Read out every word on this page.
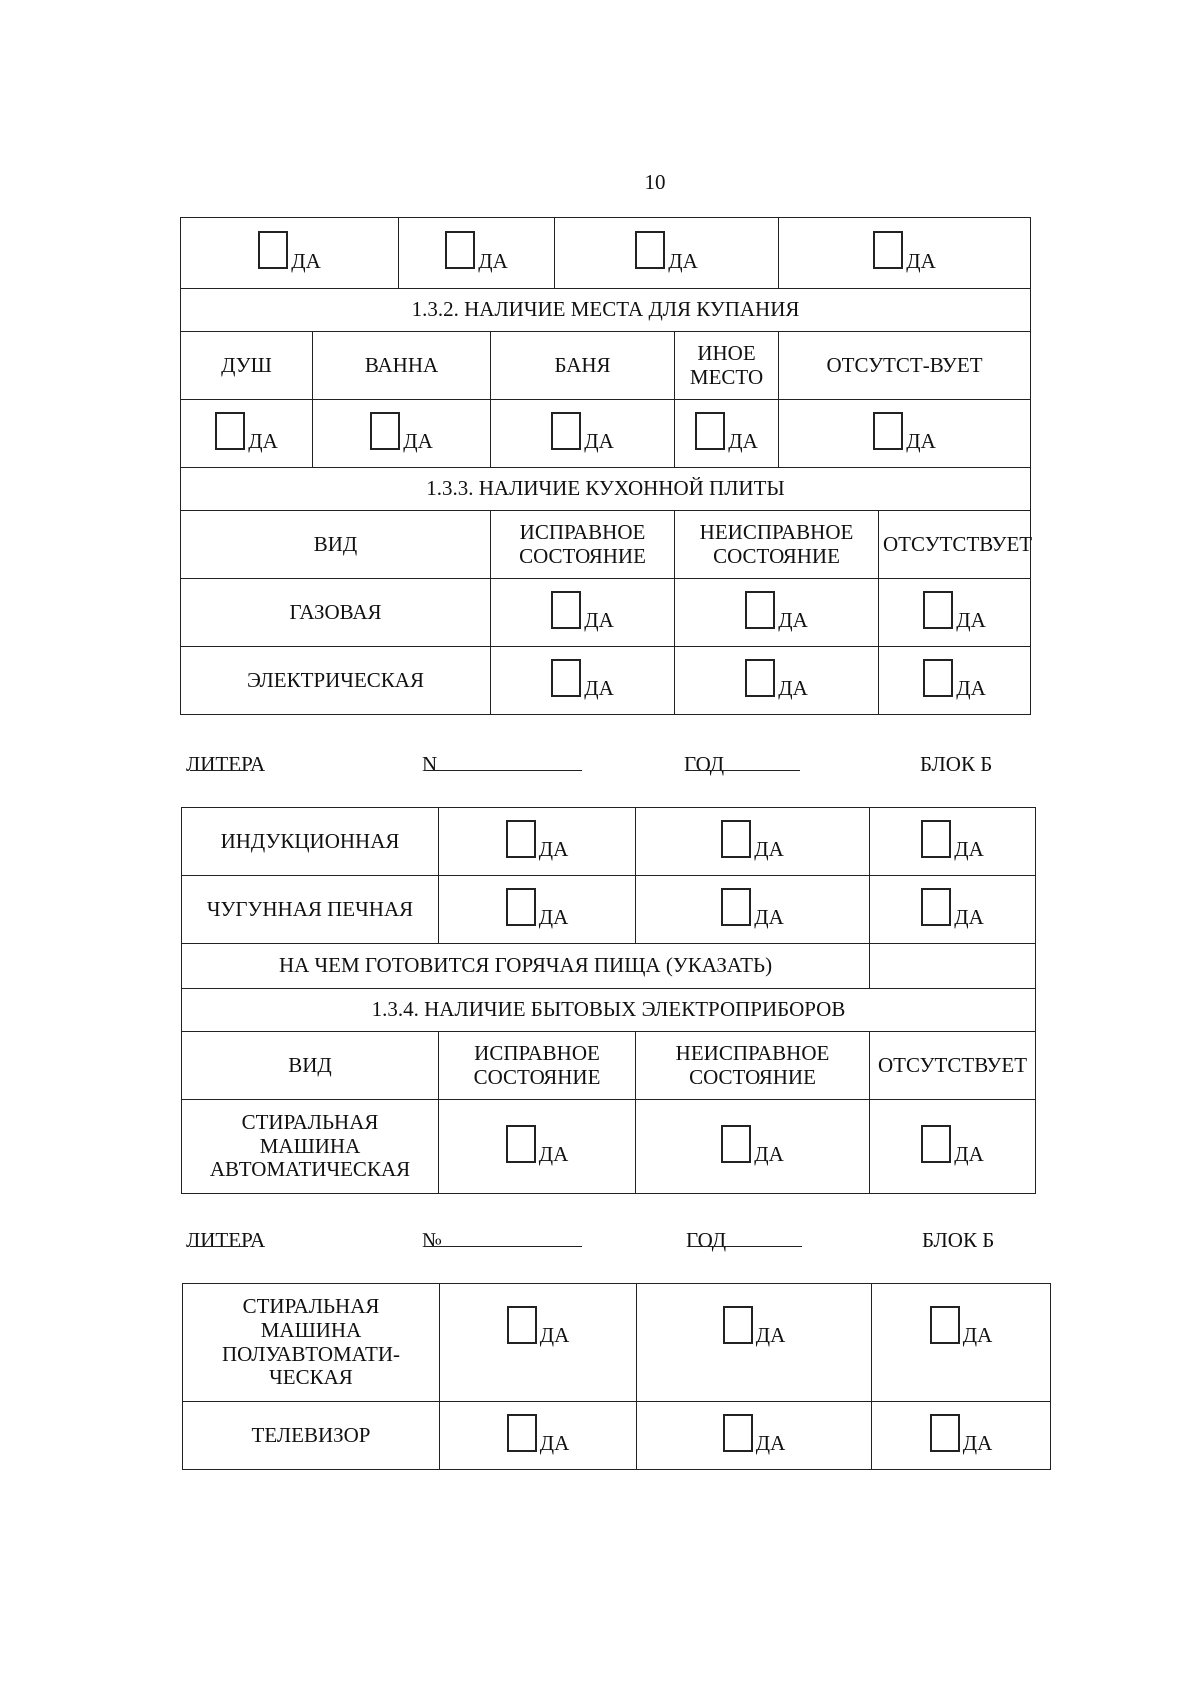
10
ДА		ДА		ДА		ДА	

1.3.2. НАЛИЧИЕ МЕСТА ДЛЯ КУПАНИЯ							
ДУШ	ВАННА		БАНЯ		ИНОЕ МЕСТО	ОТСУТСТ-ВУЕТ	

ДА	ДА		ДА		ДА	ДА	

1.3.3. НАЛИЧИЕ КУХОННОЙ ПЛИТЫ							
ВИД			ИСПРАВНОЕ СОСТОЯНИЕ		НЕИСПРАВНОЕ СОСТОЯНИЕ		ОТСУТСТВУЕТ
ГАЗОВАЯ			ДА		ДА		ДА

ЭЛЕКТРИЧЕСКАЯ			ДА		ДА		ДА
ЛИТЕРА	N	ГОД	БЛОК Б
ИНДУКЦИОННАЯ	ДА	ДА	ДА

ЧУГУННАЯ ПЕЧНАЯ	ДА	ДА	ДА

НА ЧЕМ ГОТОВИТСЯ ГОРЯЧАЯ ПИЩА (УКАЗАТЬ)			
1.3.4. НАЛИЧИЕ БЫТОВЫХ ЭЛЕКТРОПРИБОРОВ			
ВИД	ИСПРАВНОЕ СОСТОЯНИЕ	НЕИСПРАВНОЕ СОСТОЯНИЕ	ОТСУТСТВУЕТ
СТИРАЛЬНАЯ МАШИНА АВТОМАТИЧЕСКАЯ	ДА	ДА	ДА
ЛИТЕРА	№	ГОД	БЛОК Б
СТИРАЛЬНАЯ МАШИНА ПОЛУАВТОМАТИ-ЧЕСКАЯ	ДА	ДА	ДА

ТЕЛЕВИЗОР	ДА	ДА	ДА
